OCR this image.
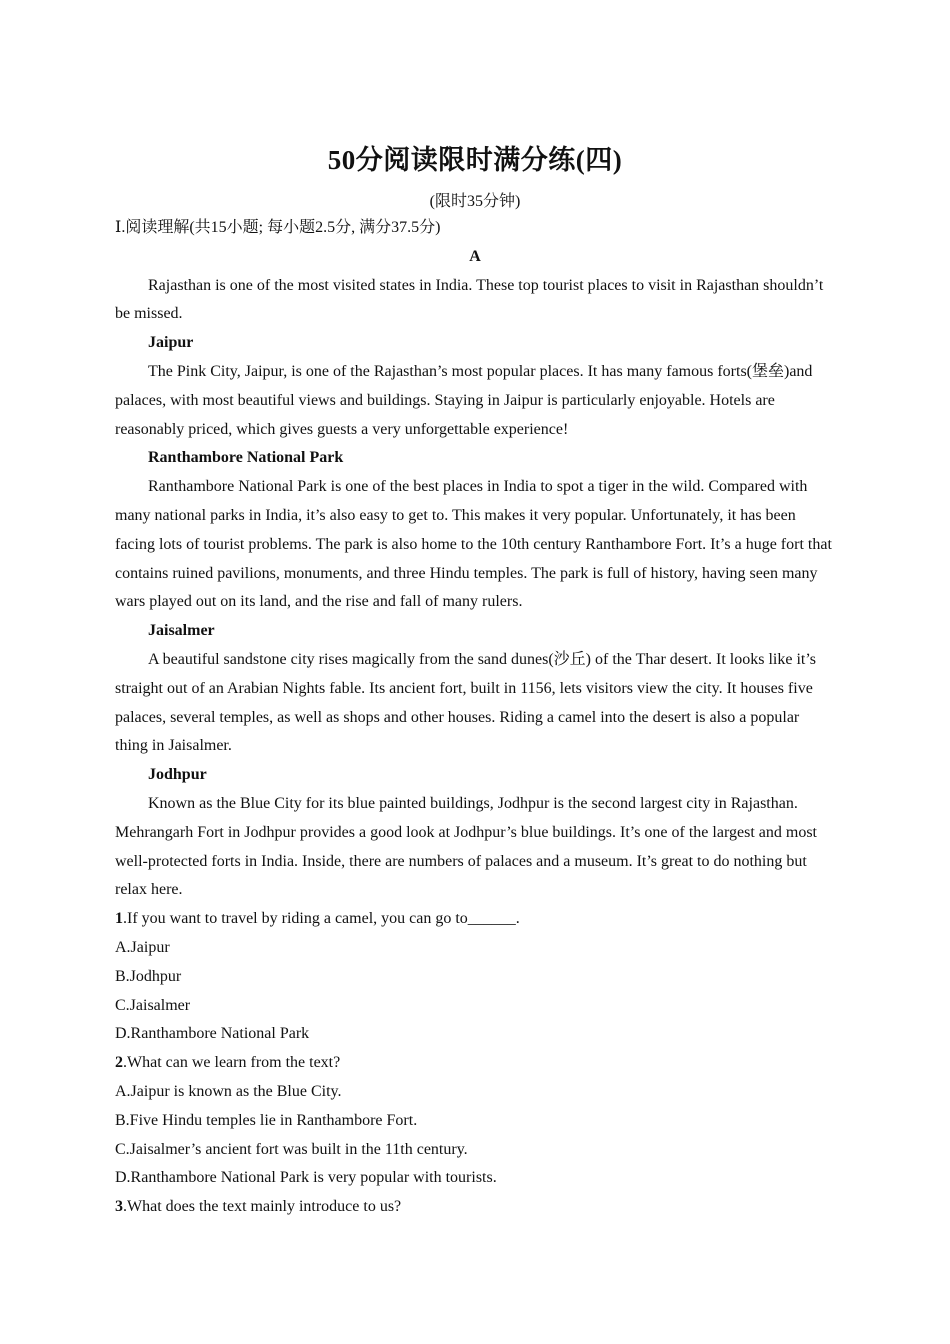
50分阅读限时满分练(四)
(限时35分钟)

Ⅰ.阅读理解(共15小题; 每小题2.5分, 满分37.5分)

A

Rajasthan is one of the most visited states in India. These top tourist places to visit in Rajasthan shouldn’t be missed.

Jaipur

The Pink City, Jaipur, is one of the Rajasthan’s most popular places. It has many famous forts(堡垒)and palaces, with most beautiful views and buildings. Staying in Jaipur is particularly enjoyable. Hotels are reasonably priced, which gives guests a very unforgettable experience!

Ranthambore National Park

Ranthambore National Park is one of the best places in India to spot a tiger in the wild. Compared with many national parks in India, it’s also easy to get to. This makes it very popular. Unfortunately, it has been facing lots of tourist problems. The park is also home to the 10th century Ranthambore Fort. It’s a huge fort that contains ruined pavilions, monuments, and three Hindu temples. The park is full of history, having seen many wars played out on its land, and the rise and fall of many rulers.

Jaisalmer

A beautiful sandstone city rises magically from the sand dunes(沙丘) of the Thar desert. It looks like it’s straight out of an Arabian Nights fable. Its ancient fort, built in 1156, lets visitors view the city. It houses five palaces, several temples, as well as shops and other houses. Riding a camel into the desert is also a popular thing in Jaisalmer.

Jodhpur

Known as the Blue City for its blue painted buildings, Jodhpur is the second largest city in Rajasthan. Mehrangarh Fort in Jodhpur provides a good look at Jodhpur’s blue buildings. It’s one of the largest and most well-protected forts in India. Inside, there are numbers of palaces and a museum. It’s great to do nothing but relax here.

1.If you want to travel by riding a camel, you can go to______.

A.Jaipur

B.Jodhpur

C.Jaisalmer

D.Ranthambore National Park

2.What can we learn from the text?

A.Jaipur is known as the Blue City.

B.Five Hindu temples lie in Ranthambore Fort.

C.Jaisalmer’s ancient fort was built in the 11th century.

D.Ranthambore National Park is very popular with tourists.

3.What does the text mainly introduce to us?
